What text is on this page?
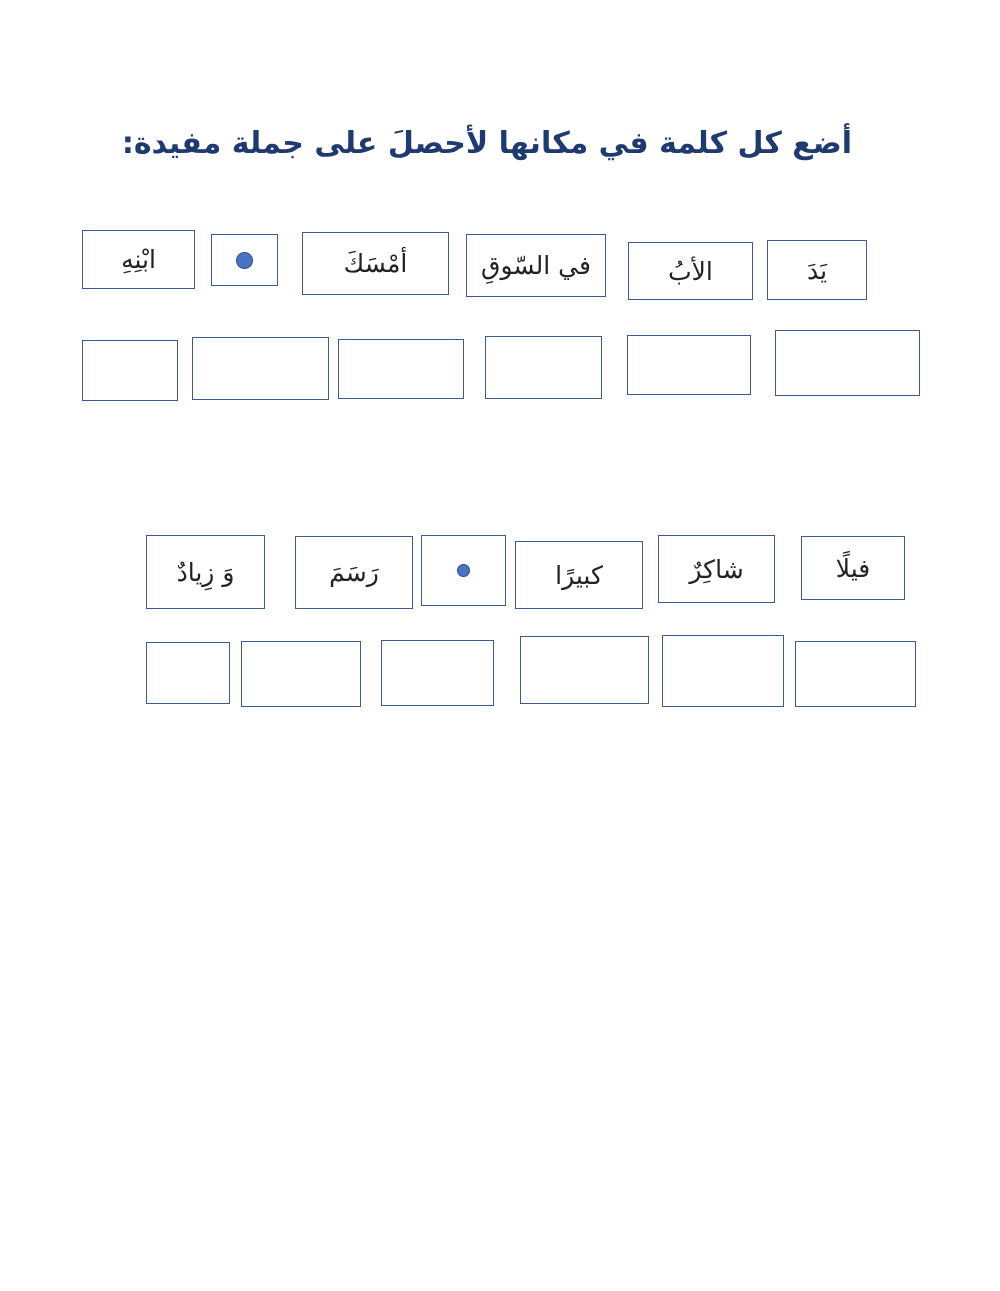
أضع كل كلمة في مكانها لأحصلَ على جملة مفيدة:
يَدَ
الأبُ
في السّوقِ
أمْسَكَ
ابْنِهِ
فيلًا
شاكِرٌ
كبيرًا
رَسَمَ
وَ زِيادٌ
